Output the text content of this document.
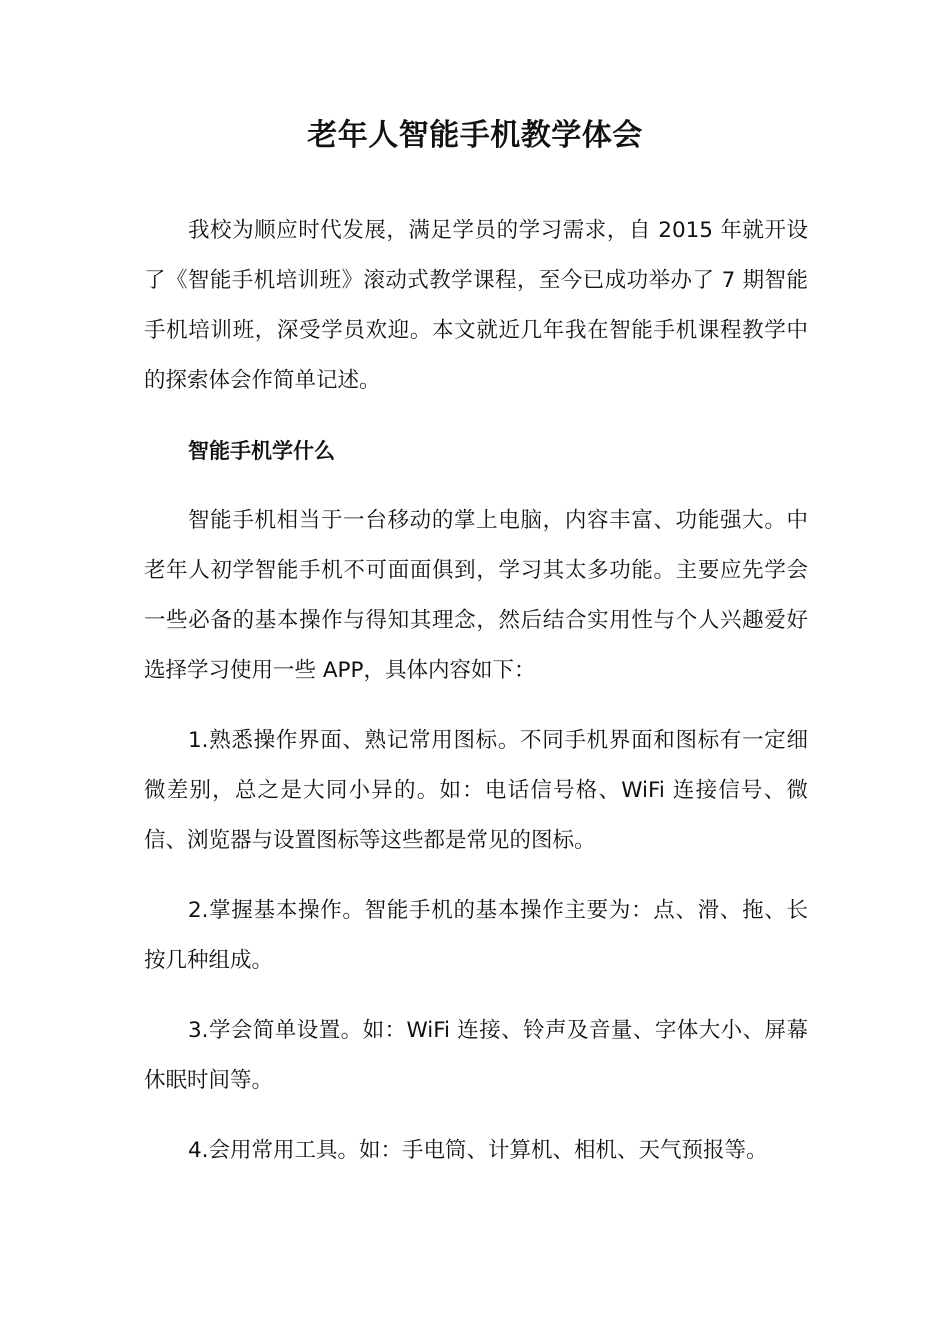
老年人智能手机教学体会

我校为顺应时代发展，满足学员的学习需求，自 2015 年就开设了《智能手机培训班》滚动式教学课程，至今已成功举办了 7 期智能手机培训班，深受学员欢迎。本文就近几年我在智能手机课程教学中的探索体会作简单记述。

智能手机学什么

智能手机相当于一台移动的掌上电脑，内容丰富、功能强大。中老年人初学智能手机不可面面俱到，学习其太多功能。主要应先学会一些必备的基本操作与得知其理念，然后结合实用性与个人兴趣爱好选择学习使用一些 APP，具体内容如下：

1.熟悉操作界面、熟记常用图标。不同手机界面和图标有一定细微差别，总之是大同小异的。如：电话信号格、WiFi 连接信号、微信、浏览器与设置图标等这些都是常见的图标。

2.掌握基本操作。智能手机的基本操作主要为：点、滑、拖、长按几种组成。

3.学会简单设置。如：WiFi 连接、铃声及音量、字体大小、屏幕休眠时间等。

4.会用常用工具。如：手电筒、计算机、相机、天气预报等。
